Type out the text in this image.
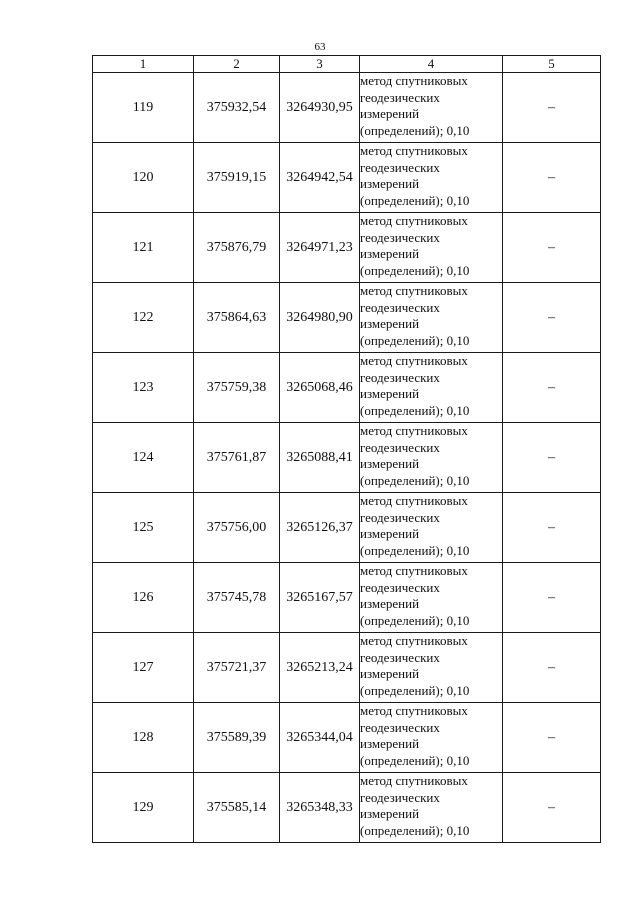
63
1	2	3	4	5
119	375932,54	3264930,95	метод спутниковых
геодезических
измерений
(определений); 0,10	–
120	375919,15	3264942,54	метод спутниковых
геодезических
измерений
(определений); 0,10	–
121	375876,79	3264971,23	метод спутниковых
геодезических
измерений
(определений); 0,10	–
122	375864,63	3264980,90	метод спутниковых
геодезических
измерений
(определений); 0,10	–
123	375759,38	3265068,46	метод спутниковых
геодезических
измерений
(определений); 0,10	–
124	375761,87	3265088,41	метод спутниковых
геодезических
измерений
(определений); 0,10	–
125	375756,00	3265126,37	метод спутниковых
геодезических
измерений
(определений); 0,10	–
126	375745,78	3265167,57	метод спутниковых
геодезических
измерений
(определений); 0,10	–
127	375721,37	3265213,24	метод спутниковых
геодезических
измерений
(определений); 0,10	–
128	375589,39	3265344,04	метод спутниковых
геодезических
измерений
(определений); 0,10	–
129	375585,14	3265348,33	метод спутниковых
геодезических
измерений
(определений); 0,10	–
